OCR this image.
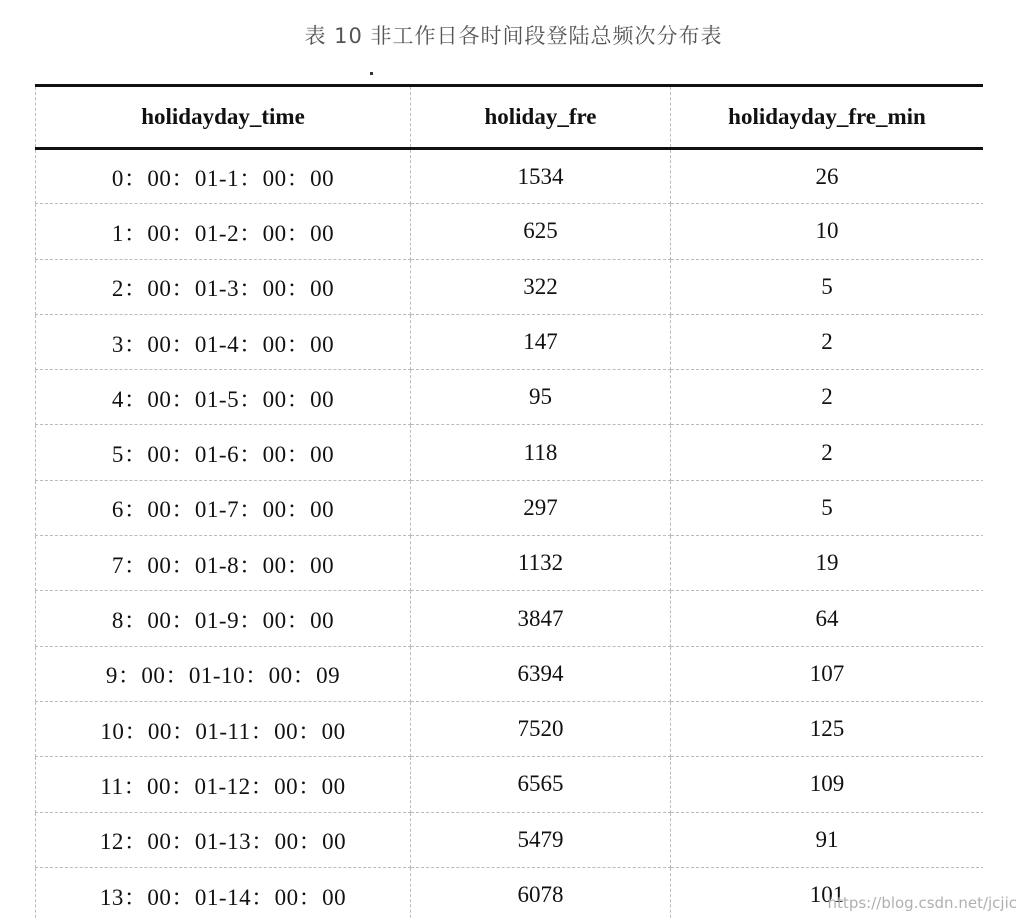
表 10 非工作日各时间段登陆总频次分布表
holidayday_time	holiday_fre	holidayday_fre_min
0：00：01-1：00：00	1534	26
1：00：01-2：00：00	625	10
2：00：01-3：00：00	322	5
3：00：01-4：00：00	147	2
4：00：01-5：00：00	95	2
5：00：01-6：00：00	118	2
6：00：01-7：00：00	297	5
7：00：01-8：00：00	1132	19
8：00：01-9：00：00	3847	64
9：00：01-10：00：09	6394	107
10：00：01-11：00：00	7520	125
11：00：01-12：00：00	6565	109
12：00：01-13：00：00	5479	91
13：00：01-14：00：00	6078	101
https://blog.csdn.net/jcjic
